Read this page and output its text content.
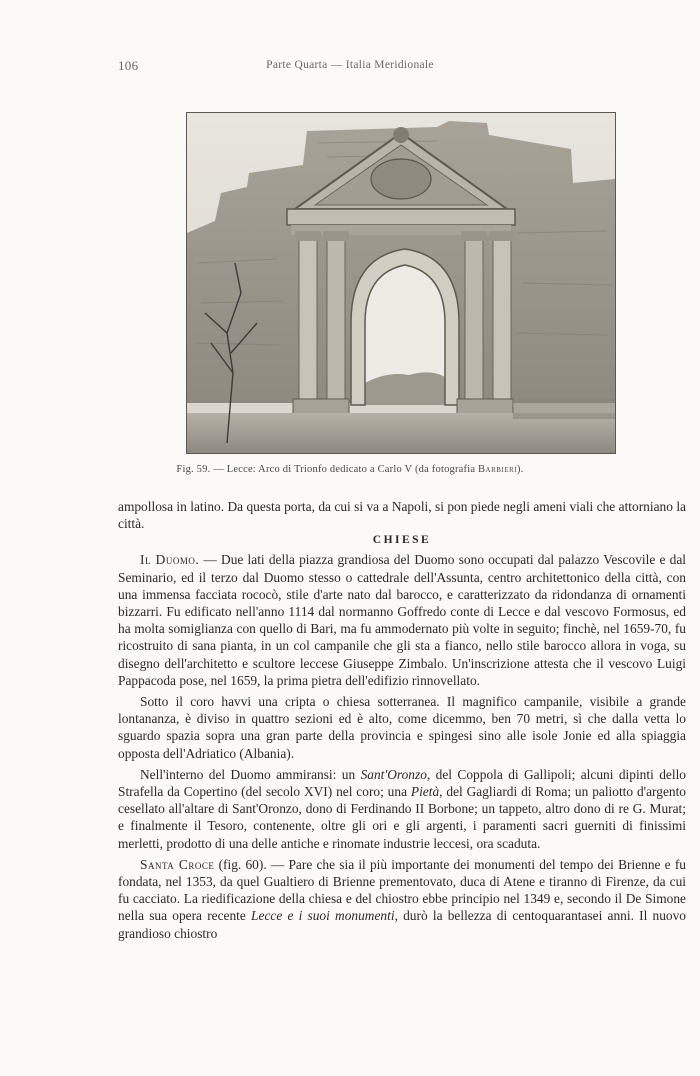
106	Parte Quarta — Italia Meridionale
Fig. 59. — Lecce: Arco di Trionfo dedicato a Carlo V (da fotografia Barbieri).

ampollosa in latino. Da questa porta, da cui si va a Napoli, si pon piede negli ameni viali che attorniano la città.

CHIESE

Il Duomo. — Due lati della piazza grandiosa del Duomo sono occupati dal palazzo Vescovile e dal Seminario, ed il terzo dal Duomo stesso o cattedrale dell'Assunta, centro architettonico della città, con una immensa facciata rococò, stile d'arte nato dal barocco, e caratterizzato da ridondanza di ornamenti bizzarri. Fu edificato nell'anno 1114 dal normanno Goffredo conte di Lecce e dal vescovo Formosus, ed ha molta somiglianza con quello di Bari, ma fu ammodernato più volte in seguito; finchè, nel 1659-70, fu ricostruito di sana pianta, in un col campanile che gli sta a fianco, nello stile barocco allora in voga, su disegno dell'architetto e scultore leccese Giuseppe Zimbalo. Un'inscrizione attesta che il vescovo Luigi Pappacoda pose, nel 1659, la prima pietra dell'edifizio rinnovellato.

Sotto il coro havvi una cripta o chiesa sotterranea. Il magnifico campanile, visibile a grande lontananza, è diviso in quattro sezioni ed è alto, come dicemmo, ben 70 metri, sì che dalla vetta lo sguardo spazia sopra una gran parte della provincia e spingesi sino alle isole Jonie ed alla spiaggia opposta dell'Adriatico (Albania).

Nell'interno del Duomo ammiransi: un Sant'Oronzo, del Coppola di Gallipoli; alcuni dipinti dello Strafella da Copertino (del secolo XVI) nel coro; una Pietà, del Gagliardi di Roma; un paliotto d'argento cesellato all'altare di Sant'Oronzo, dono di Ferdinando II Borbone; un tappeto, altro dono di re G. Murat; e finalmente il Tesoro, contenente, oltre gli ori e gli argenti, i paramenti sacri guerniti di finissimi merletti, prodotto di una delle antiche e rinomate industrie leccesi, ora scaduta.

Santa Croce (fig. 60). — Pare che sia il più importante dei monumenti del tempo dei Brienne e fu fondata, nel 1353, da quel Gualtiero di Brienne prementovato, duca di Atene e tiranno di Firenze, da cui fu cacciato. La riedificazione della chiesa e del chiostro ebbe principio nel 1349 e, secondo il De Simone nella sua opera recente Lecce e i suoi monumenti, durò la bellezza di centoquarantasei anni. Il nuovo grandioso chiostro
